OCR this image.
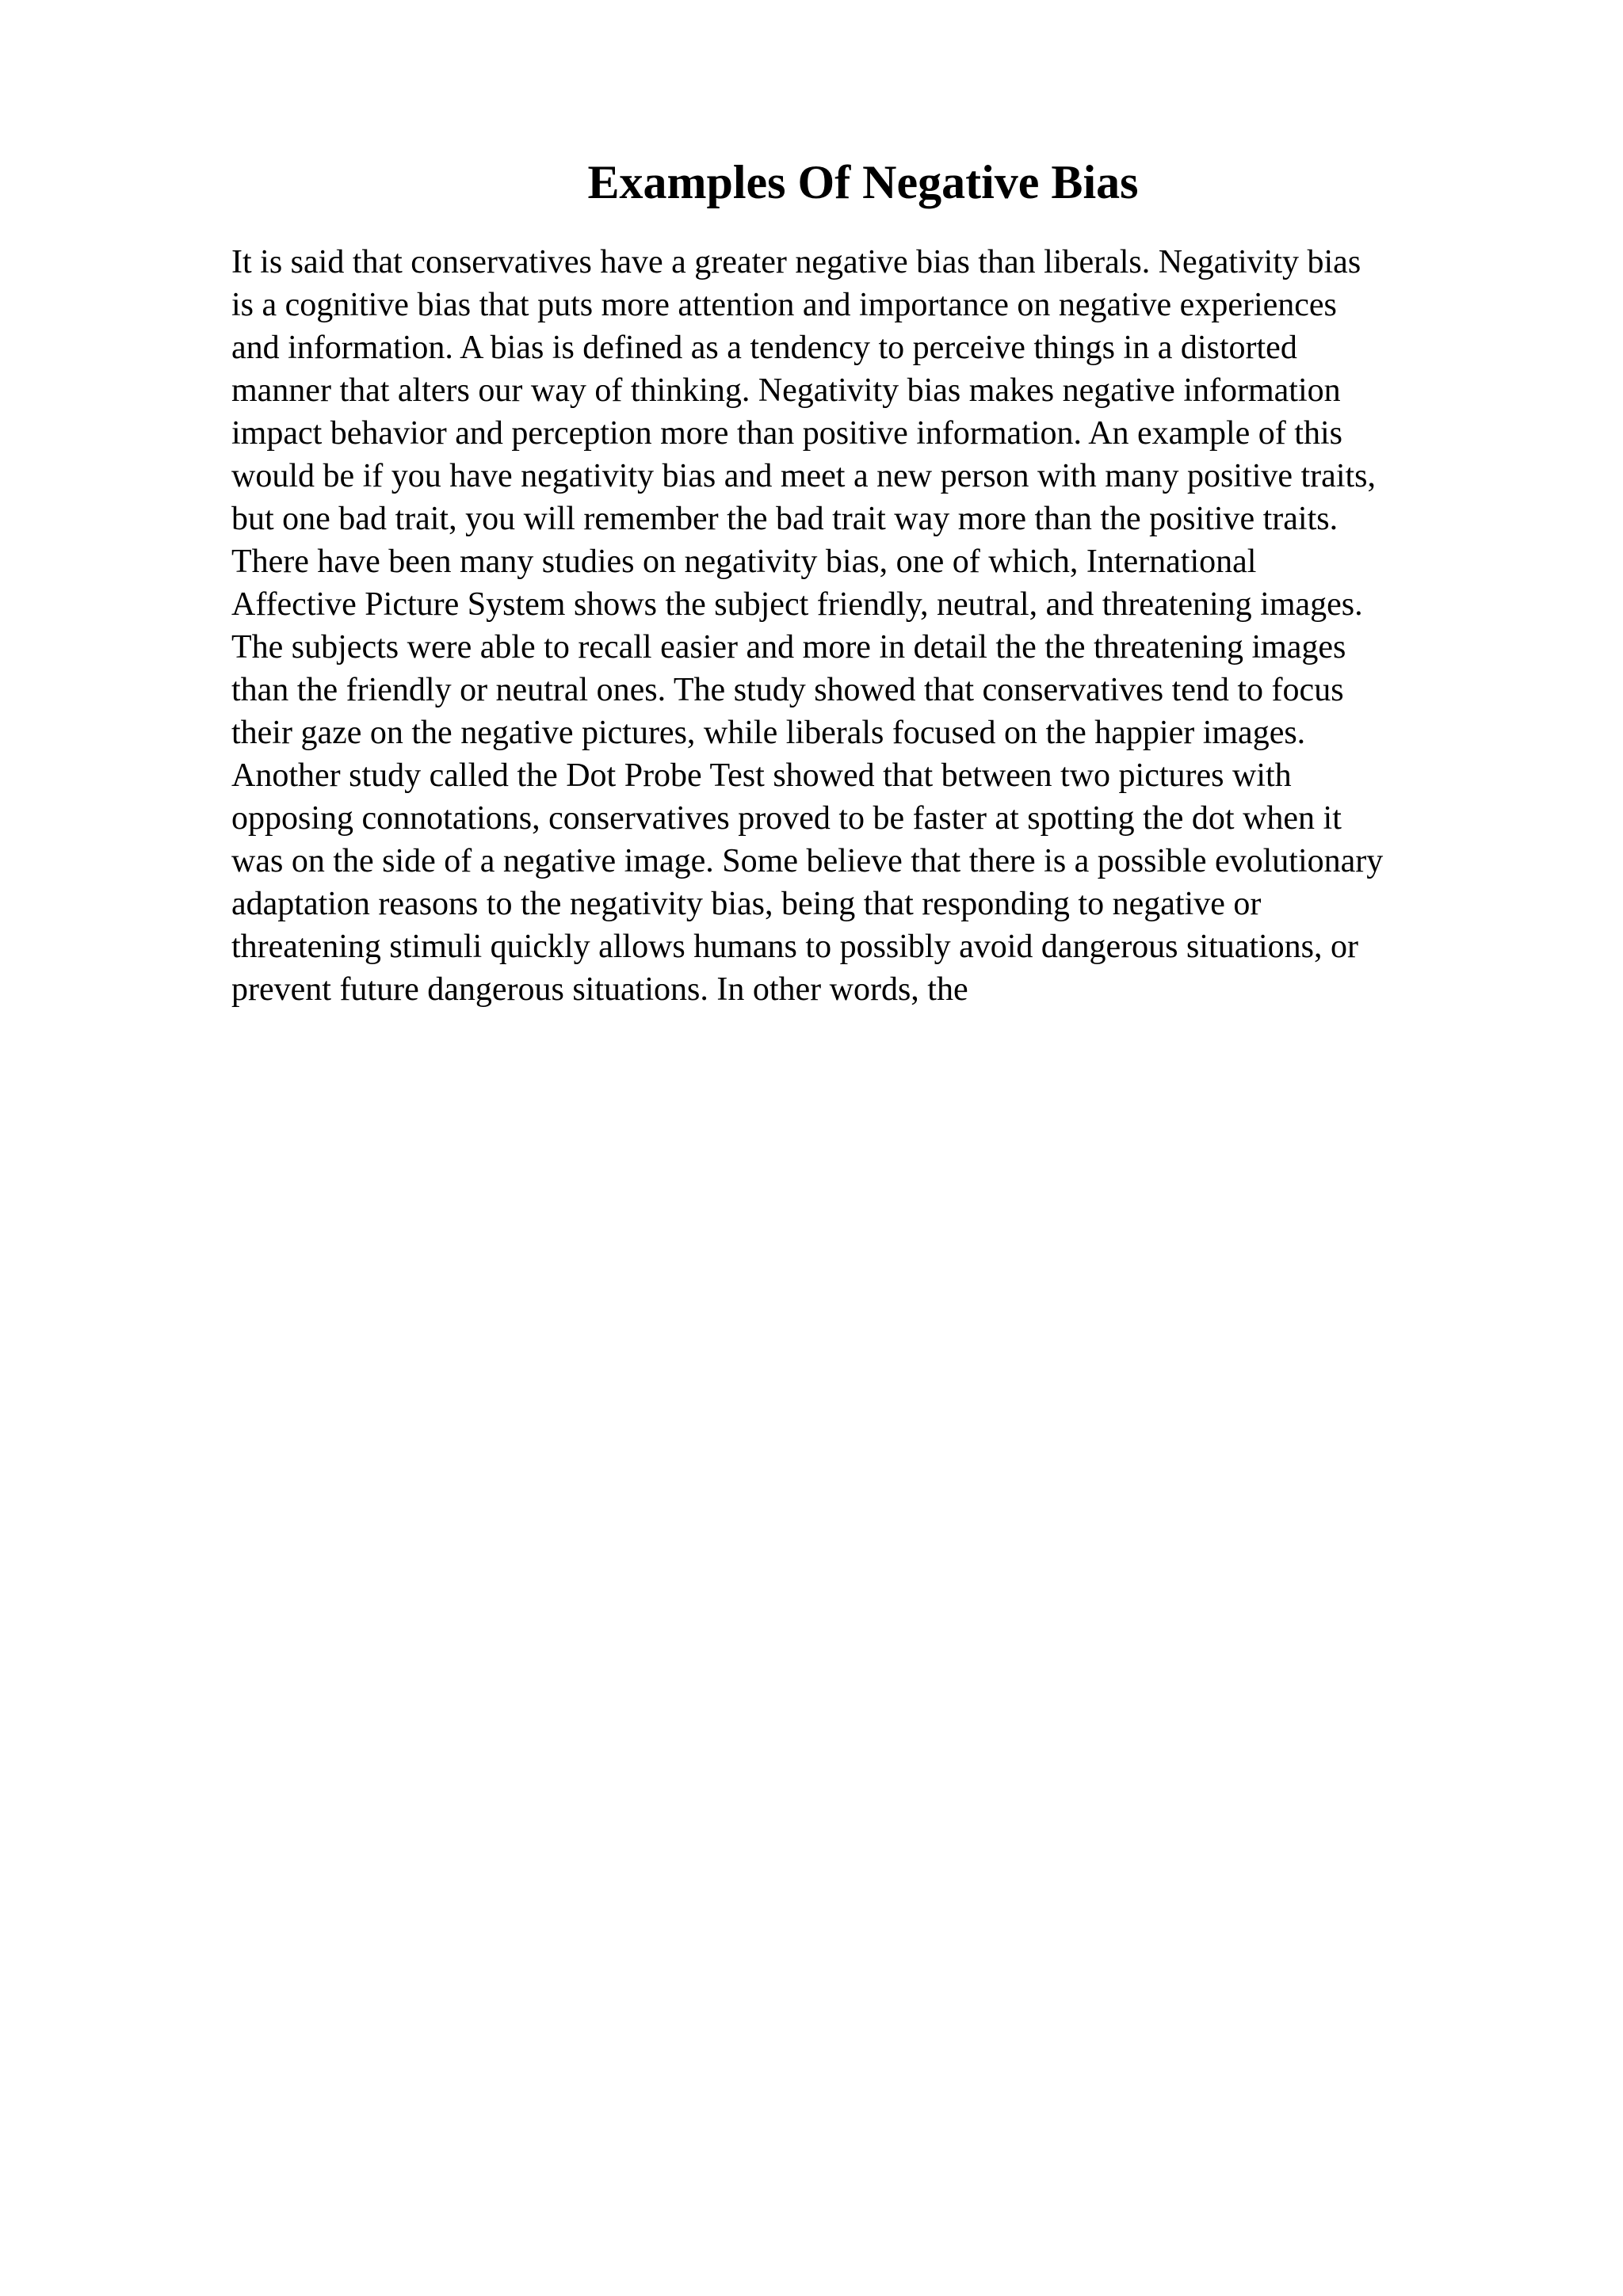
Examples Of Negative Bias
It is said that conservatives have a greater negative bias than liberals. Negativity bias
is a cognitive bias that puts more attention and importance on negative experiences
and information. A bias is defined as a tendency to perceive things in a distorted
manner that alters our way of thinking. Negativity bias makes negative information
impact behavior and perception more than positive information. An example of this
would be if you have negativity bias and meet a new person with many positive traits,
but one bad trait, you will remember the bad trait way more than the positive traits.
There have been many studies on negativity bias, one of which, International
Affective Picture System shows the subject friendly, neutral, and threatening images.
The subjects were able to recall easier and more in detail the the threatening images
than the friendly or neutral ones. The study showed that conservatives tend to focus
their gaze on the negative pictures, while liberals focused on the happier images.
Another study called the Dot Probe Test showed that between two pictures with
opposing connotations, conservatives proved to be faster at spotting the dot when it
was on the side of a negative image. Some believe that there is a possible evolutionary
adaptation reasons to the negativity bias, being that responding to negative or
threatening stimuli quickly allows humans to possibly avoid dangerous situations, or
prevent future dangerous situations. In other words, the
